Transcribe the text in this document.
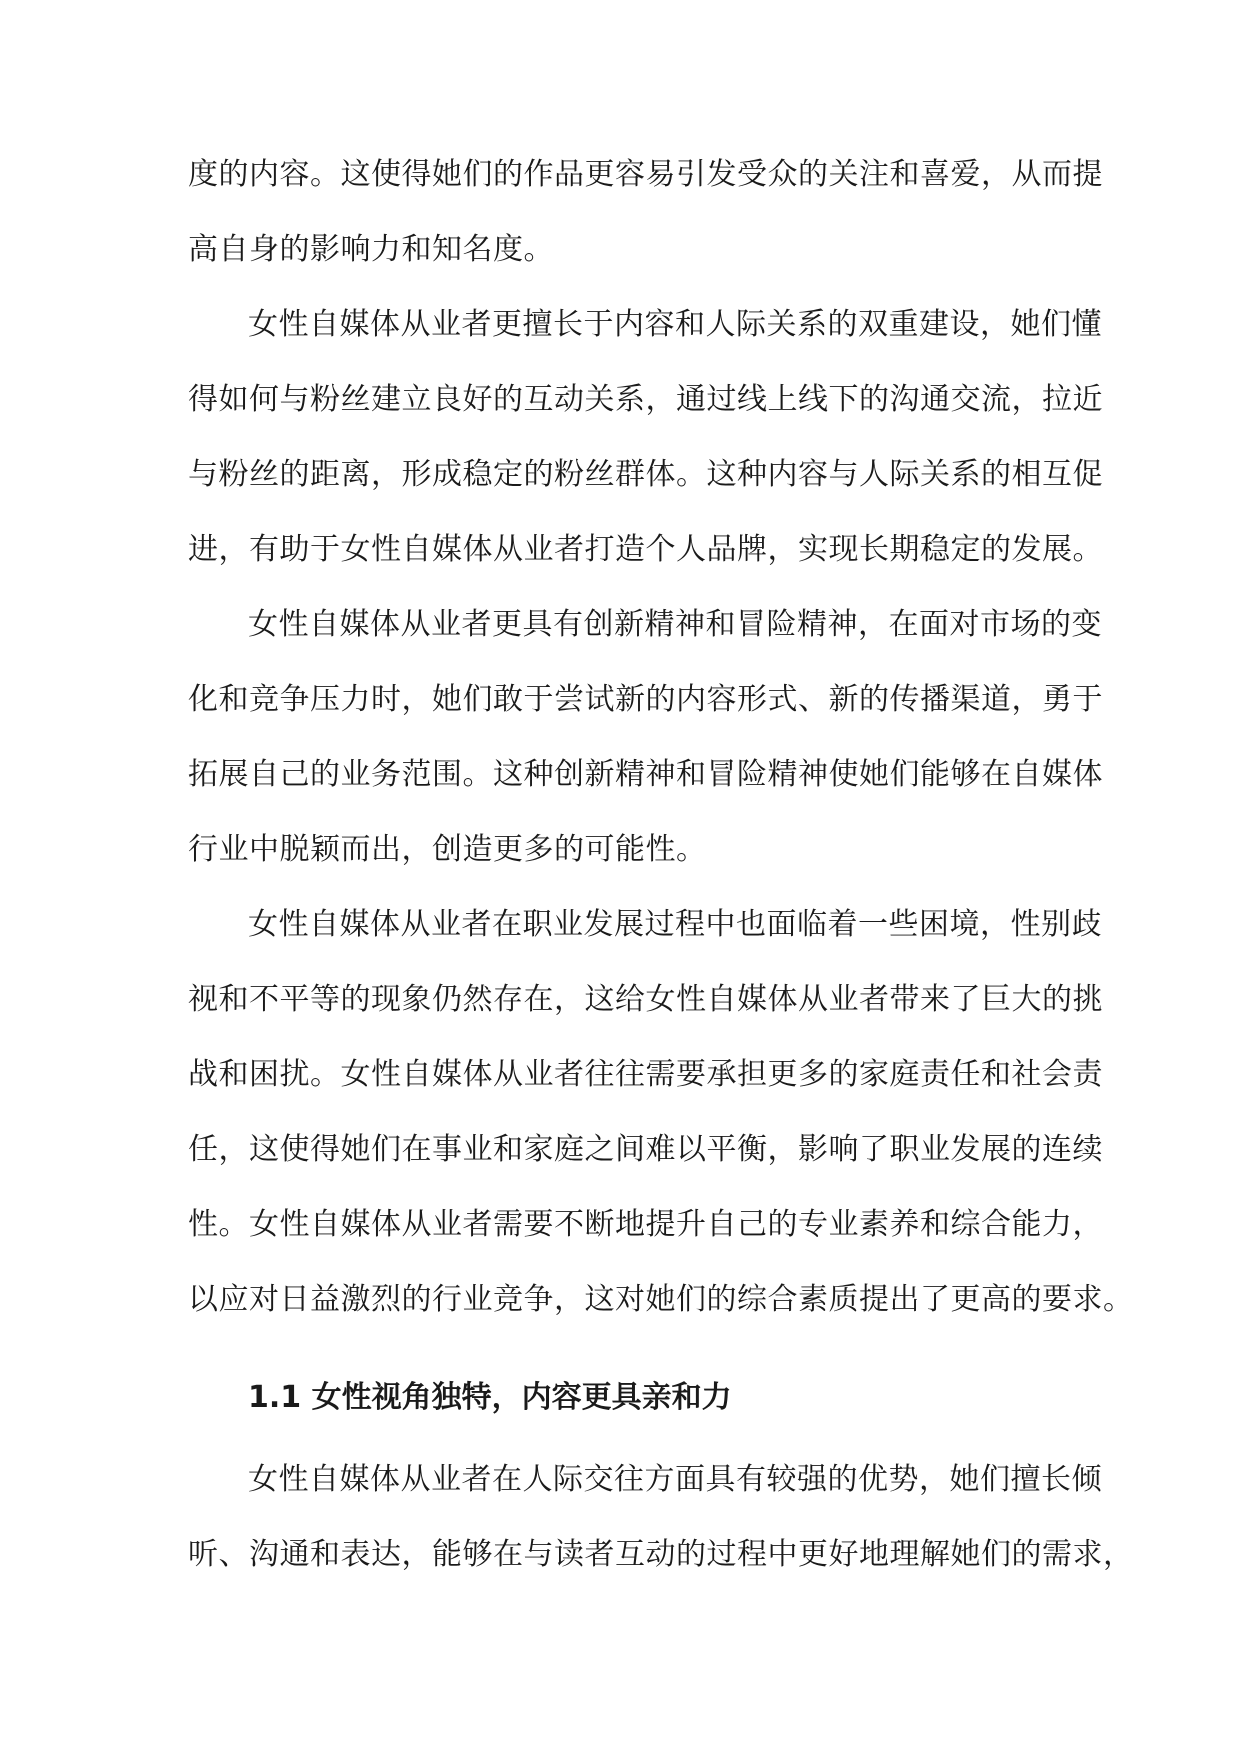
度的内容。这使得她们的作品更容易引发受众的关注和喜爱，从而提
高自身的影响力和知名度。
女性自媒体从业者更擅长于内容和人际关系的双重建设，她们懂
得如何与粉丝建立良好的互动关系，通过线上线下的沟通交流，拉近
与粉丝的距离，形成稳定的粉丝群体。这种内容与人际关系的相互促
进，有助于女性自媒体从业者打造个人品牌，实现长期稳定的发展。
女性自媒体从业者更具有创新精神和冒险精神，在面对市场的变
化和竞争压力时，她们敢于尝试新的内容形式、新的传播渠道，勇于
拓展自己的业务范围。这种创新精神和冒险精神使她们能够在自媒体
行业中脱颖而出，创造更多的可能性。
女性自媒体从业者在职业发展过程中也面临着一些困境，性别歧
视和不平等的现象仍然存在，这给女性自媒体从业者带来了巨大的挑
战和困扰。女性自媒体从业者往往需要承担更多的家庭责任和社会责
任，这使得她们在事业和家庭之间难以平衡，影响了职业发展的连续
性。女性自媒体从业者需要不断地提升自己的专业素养和综合能力，
以应对日益激烈的行业竞争，这对她们的综合素质提出了更高的要求。
1.1 女性视角独特，内容更具亲和力
女性自媒体从业者在人际交往方面具有较强的优势，她们擅长倾
听、沟通和表达，能够在与读者互动的过程中更好地理解她们的需求，
